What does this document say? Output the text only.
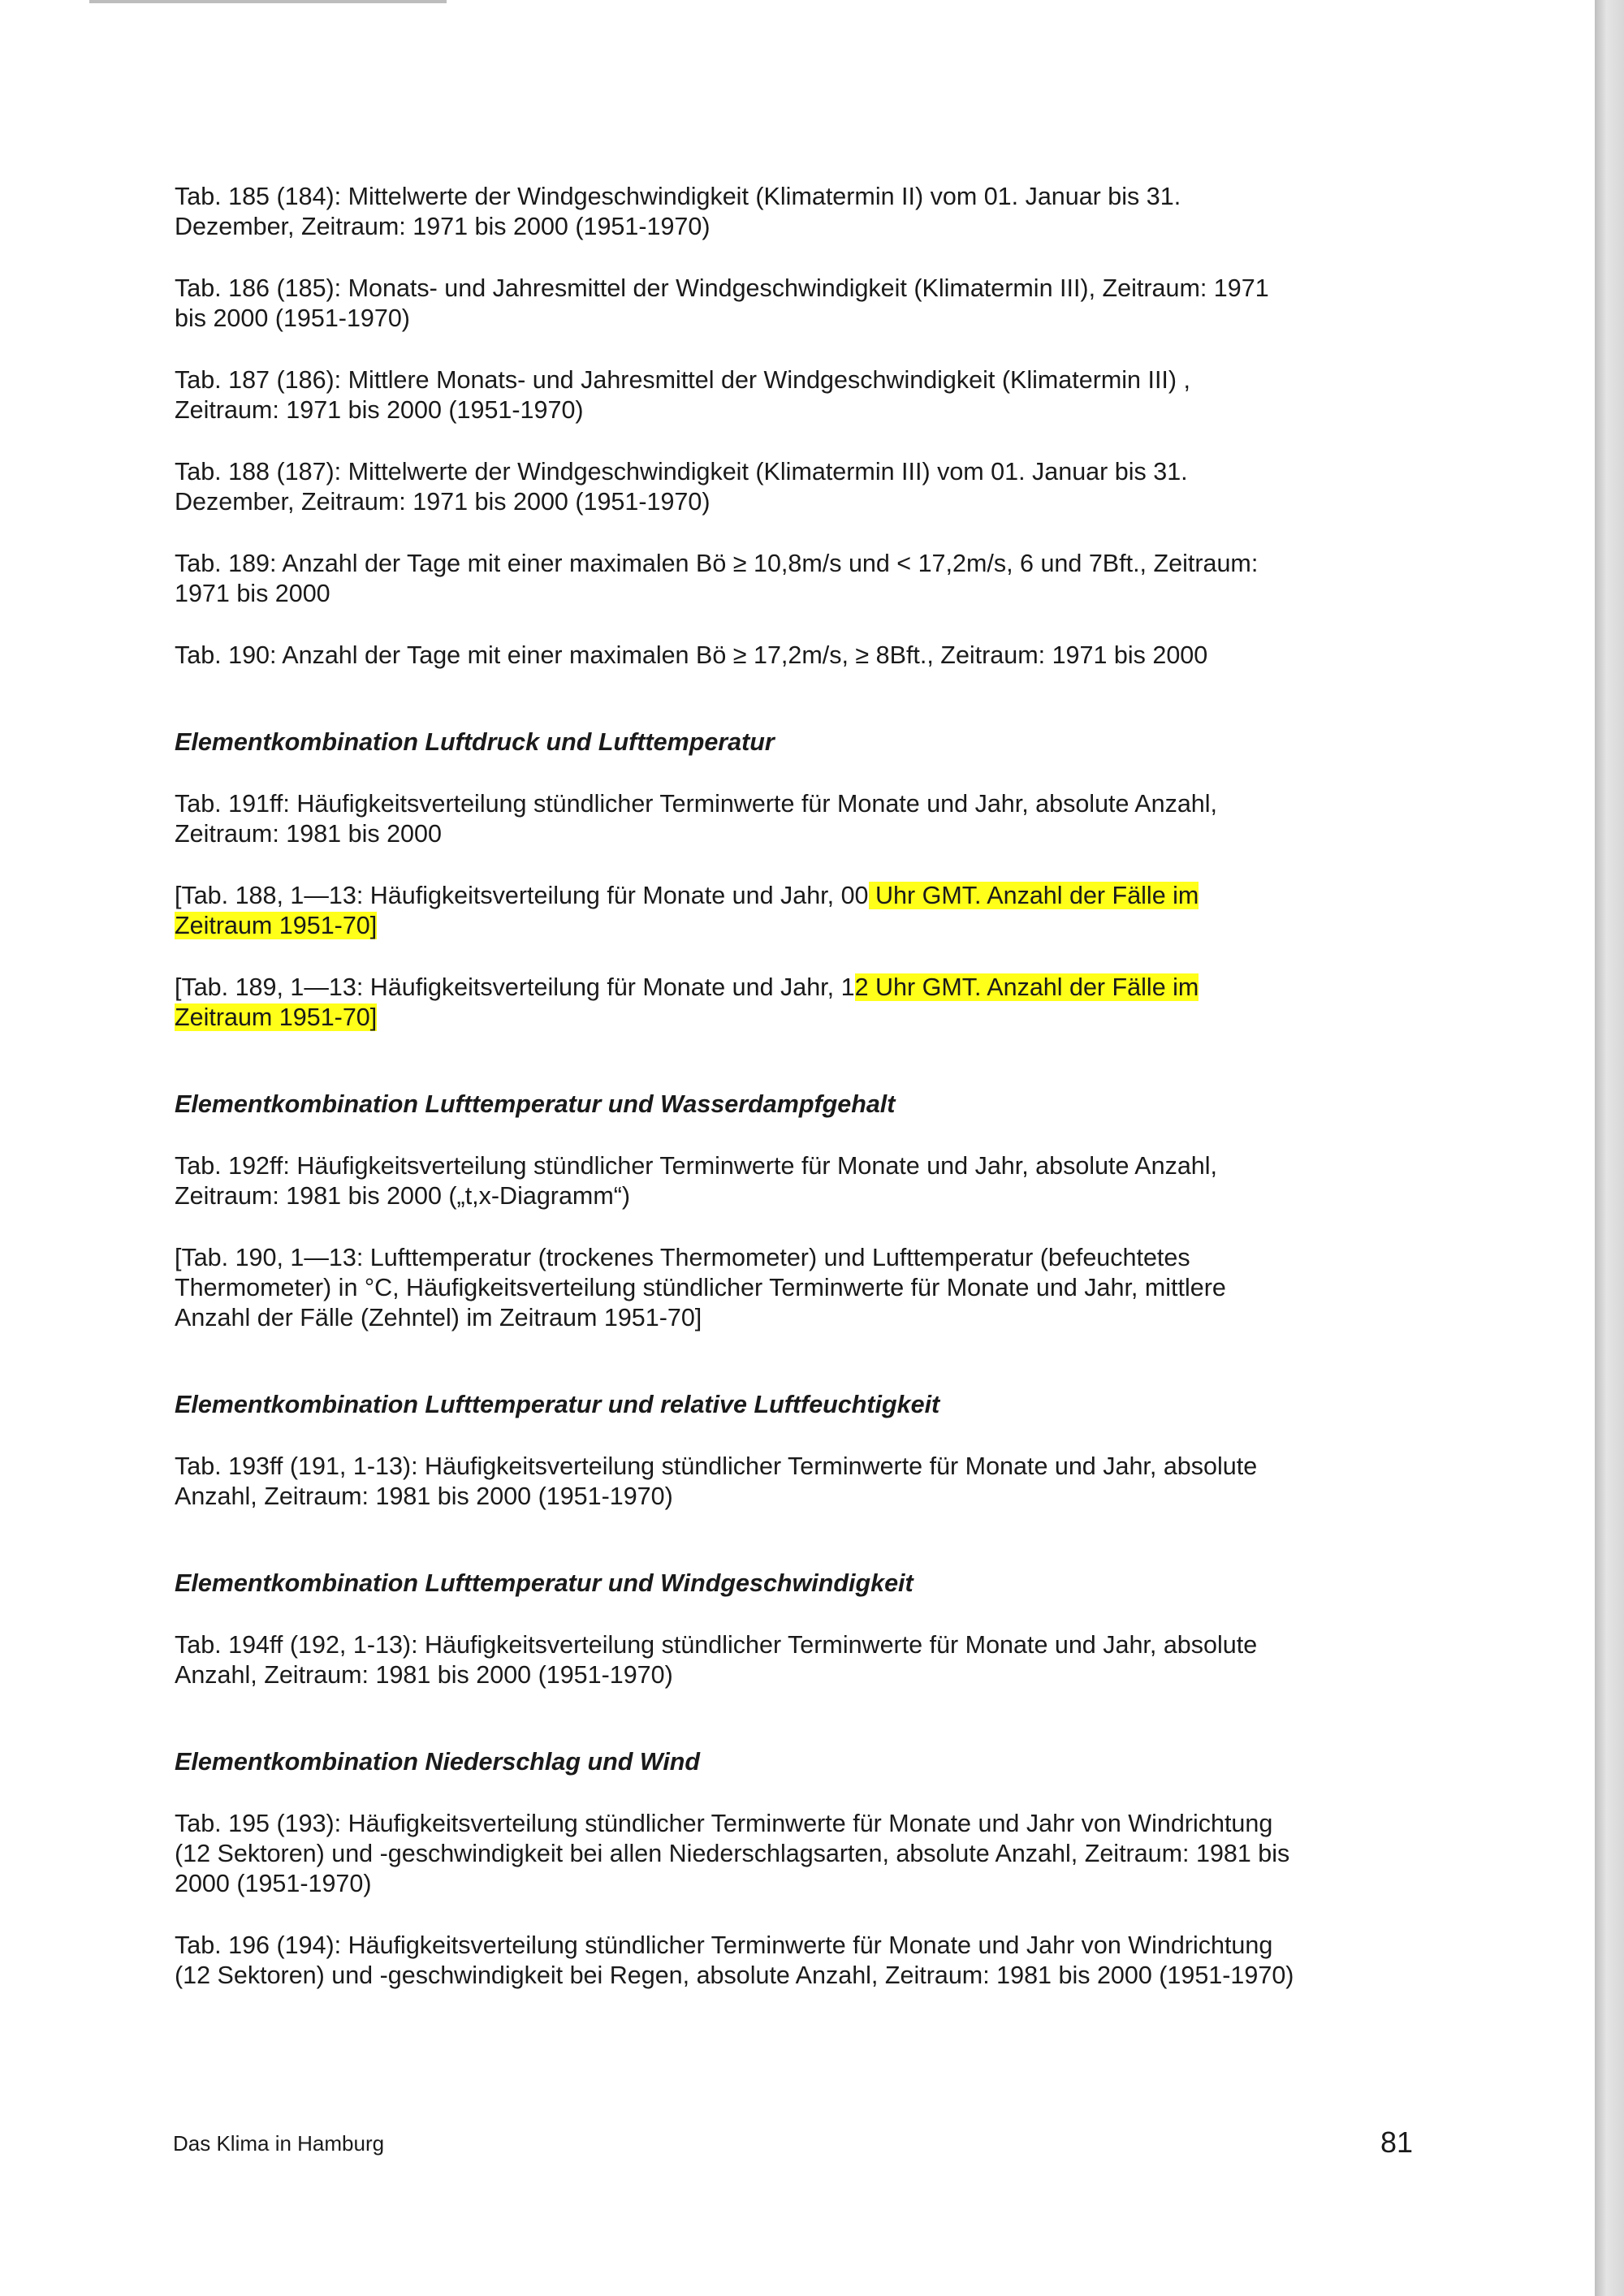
Tab. 185 (184): Mittelwerte der Windgeschwindigkeit (Klimatermin II) vom 01. Januar bis 31.
Dezember, Zeitraum: 1971 bis 2000 (1951-1970)
Tab. 186 (185): Monats- und Jahresmittel der Windgeschwindigkeit (Klimatermin III), Zeitraum: 1971
bis 2000 (1951-1970)
Tab. 187 (186): Mittlere Monats- und Jahresmittel der Windgeschwindigkeit (Klimatermin III) ,
Zeitraum: 1971 bis 2000 (1951-1970)
Tab. 188 (187): Mittelwerte der Windgeschwindigkeit (Klimatermin III) vom 01. Januar bis 31.
Dezember, Zeitraum: 1971 bis 2000 (1951-1970)
Tab. 189: Anzahl der Tage mit einer maximalen Bö ≥ 10,8m/s und < 17,2m/s, 6 und 7Bft., Zeitraum:
1971 bis 2000
Tab. 190: Anzahl der Tage mit einer maximalen Bö ≥ 17,2m/s, ≥ 8Bft., Zeitraum: 1971 bis 2000
Elementkombination Luftdruck und Lufttemperatur
Tab. 191ff: Häufigkeitsverteilung stündlicher Terminwerte für Monate und Jahr, absolute Anzahl,
Zeitraum: 1981 bis 2000
[Tab. 188, 1—13: Häufigkeitsverteilung für Monate und Jahr, 00 Uhr GMT. Anzahl der Fälle im
Zeitraum 1951-70]
[Tab. 189, 1—13: Häufigkeitsverteilung für Monate und Jahr, 12 Uhr GMT. Anzahl der Fälle im
Zeitraum 1951-70]
Elementkombination Lufttemperatur und Wasserdampfgehalt
Tab. 192ff: Häufigkeitsverteilung stündlicher Terminwerte für Monate und Jahr, absolute Anzahl,
Zeitraum: 1981 bis 2000 („t,x-Diagramm“)
[Tab. 190, 1—13: Lufttemperatur (trockenes Thermometer) und Lufttemperatur (befeuchtetes
Thermometer) in °C, Häufigkeitsverteilung stündlicher Terminwerte für Monate und Jahr, mittlere
Anzahl der Fälle (Zehntel) im Zeitraum 1951-70]
Elementkombination Lufttemperatur und relative Luftfeuchtigkeit
Tab. 193ff (191, 1-13): Häufigkeitsverteilung stündlicher Terminwerte für Monate und Jahr, absolute
Anzahl, Zeitraum: 1981 bis 2000 (1951-1970)
Elementkombination Lufttemperatur und Windgeschwindigkeit
Tab. 194ff (192, 1-13): Häufigkeitsverteilung stündlicher Terminwerte für Monate und Jahr, absolute
Anzahl, Zeitraum: 1981 bis 2000 (1951-1970)
Elementkombination Niederschlag und Wind
Tab. 195 (193): Häufigkeitsverteilung stündlicher Terminwerte für Monate und Jahr von Windrichtung
(12 Sektoren) und -geschwindigkeit bei allen Niederschlagsarten, absolute Anzahl, Zeitraum: 1981 bis
2000 (1951-1970)
Tab. 196 (194): Häufigkeitsverteilung stündlicher Terminwerte für Monate und Jahr von Windrichtung
(12 Sektoren) und -geschwindigkeit bei Regen, absolute Anzahl, Zeitraum: 1981 bis 2000 (1951-1970)
Das Klima in Hamburg	81
